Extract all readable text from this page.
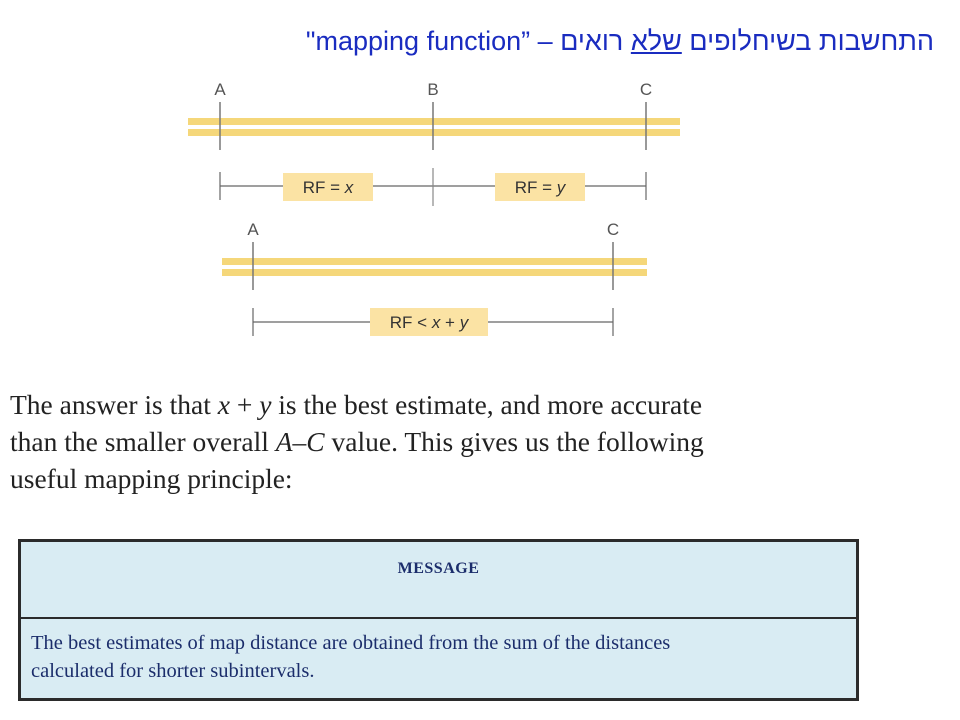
התחשבות בשיחלופים שלא רואים – ”mapping function"
A	B	C
RF = x	RF = y
A	C
RF < x + y

The answer is that x + y is the best estimate, and more accurate

than the smaller overall A–C value. This gives us the following

useful mapping principle:

MESSAGE

The best estimates of map distance are obtained from the sum of the distances

calculated for shorter subintervals.
